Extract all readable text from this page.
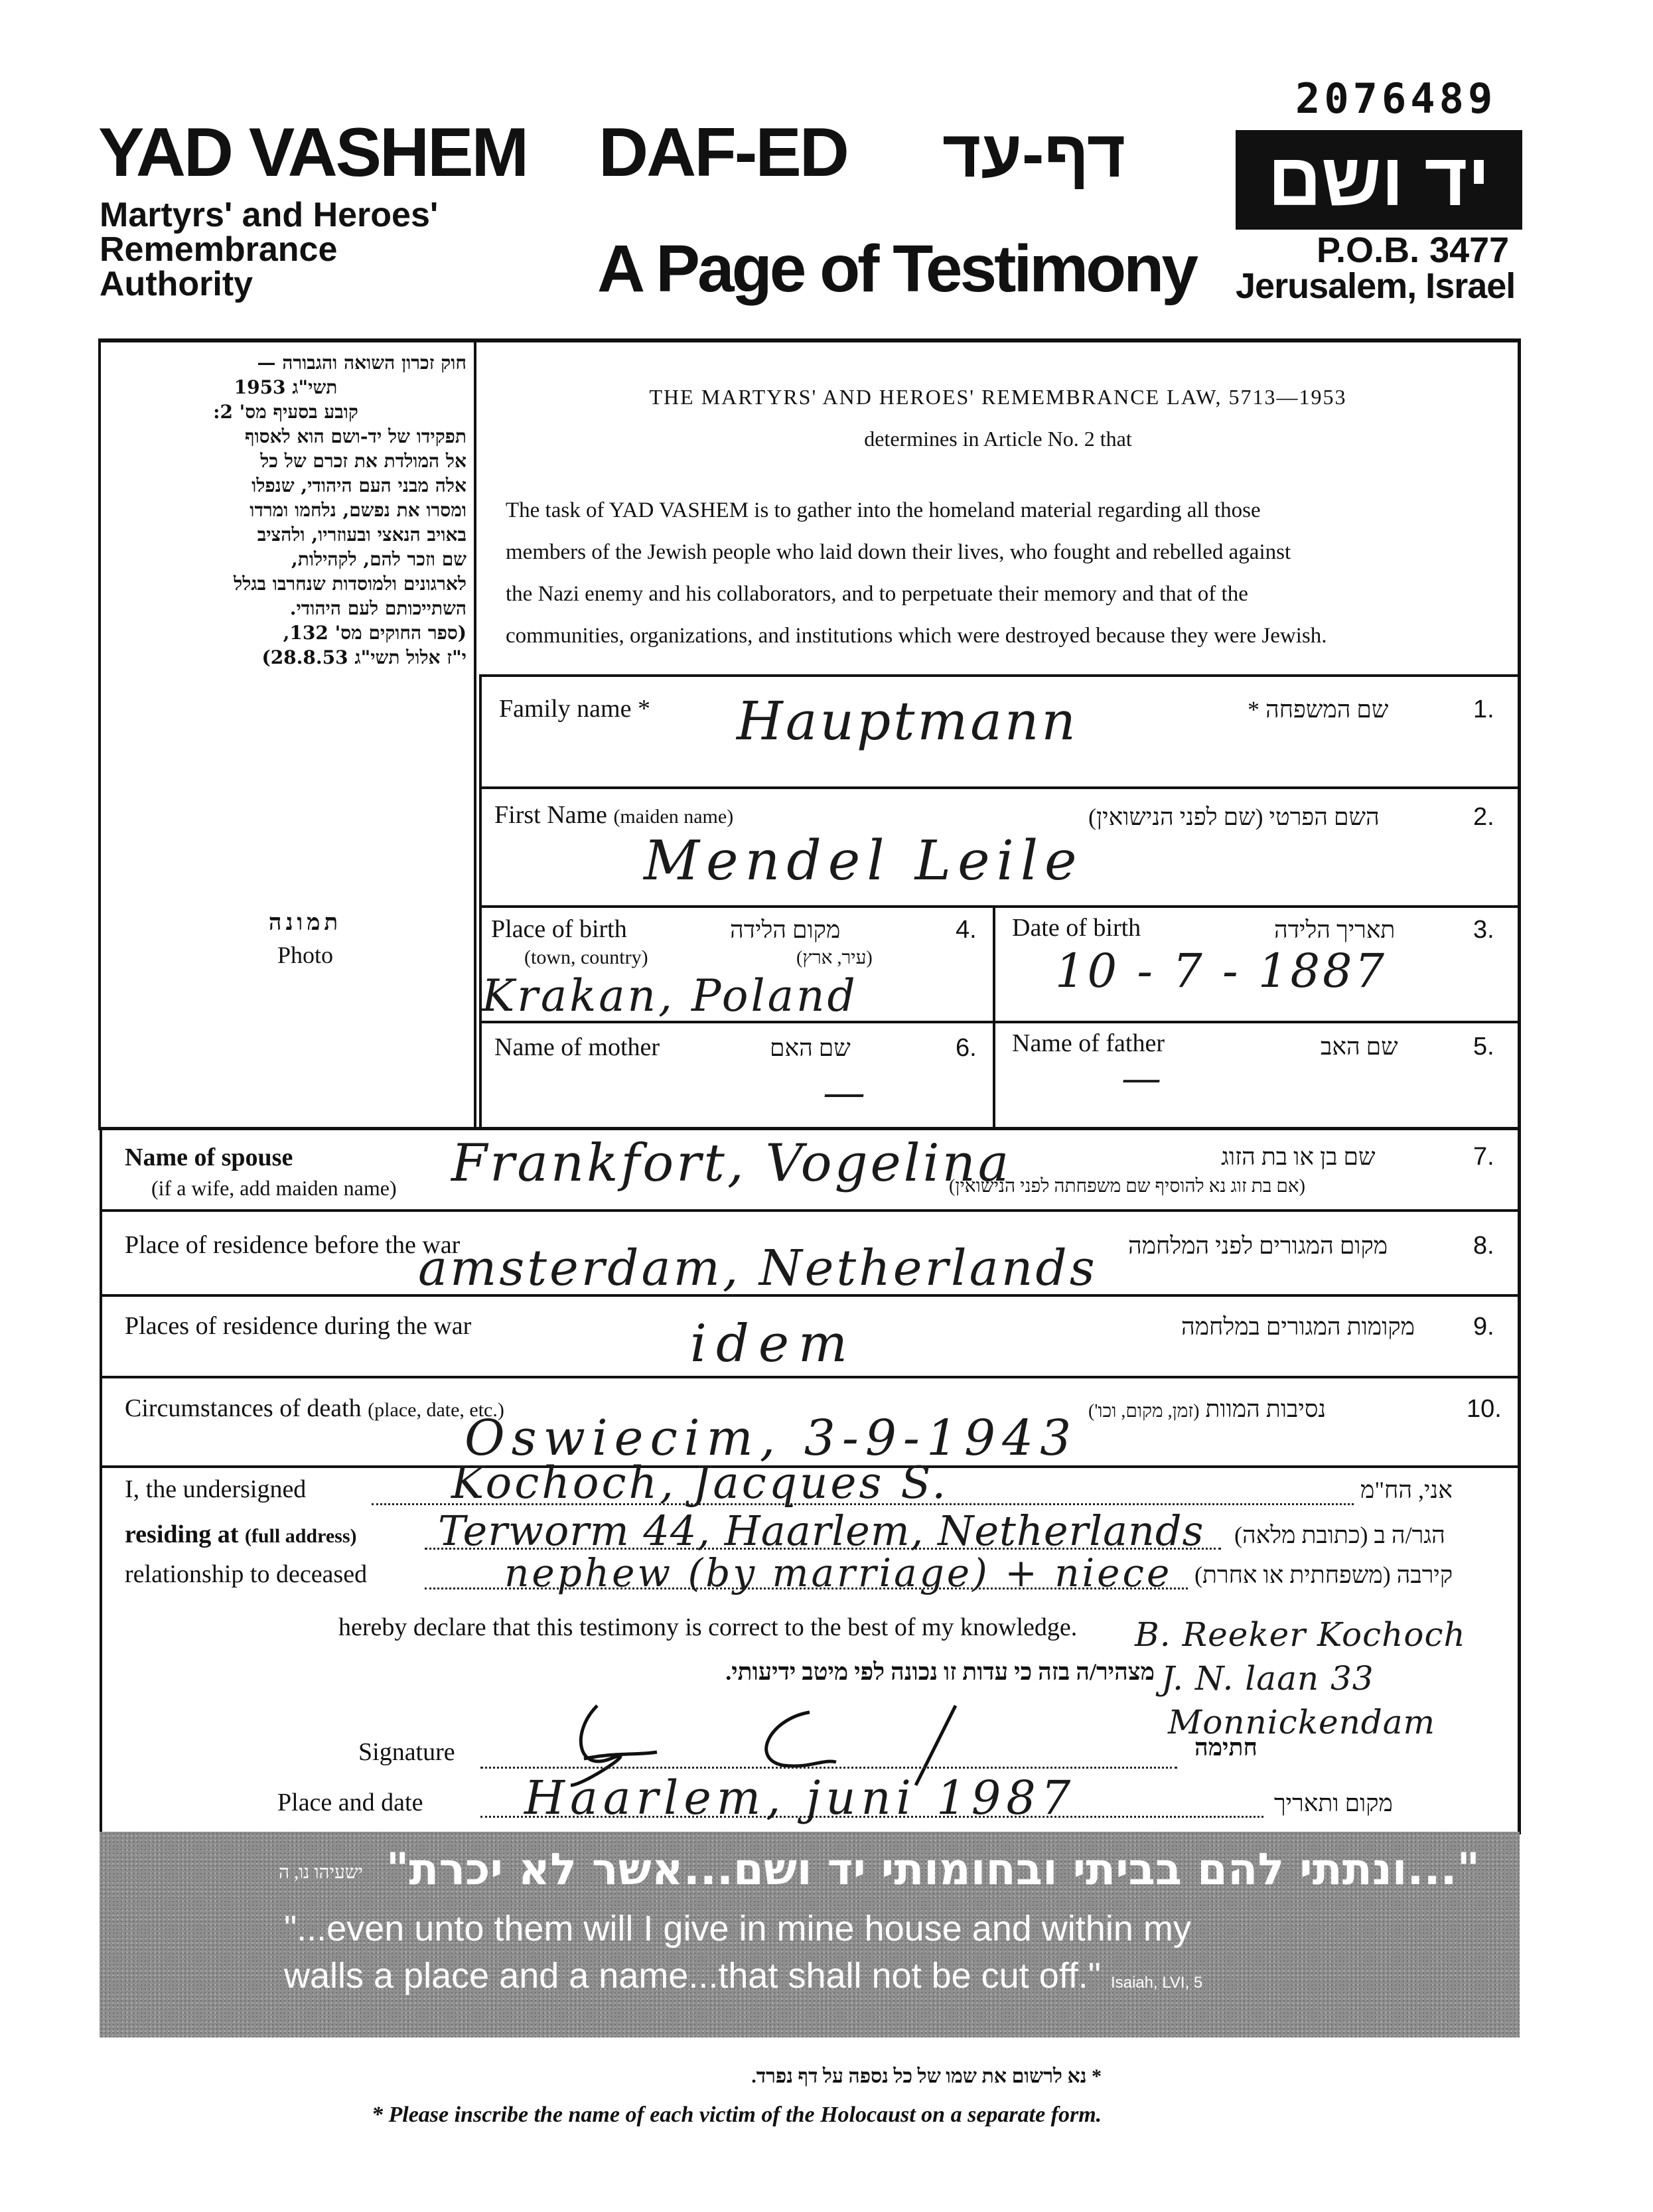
2076489
YAD VASHEM
Martyrs' and Heroes'
Remembrance
Authority
DAF-ED דף-עד
A Page of Testimony
יד ושם
P.O.B. 3477
Jerusalem, Israel
חוק זכרון השואה והגבורה —
תשי"ג 1953
קובע בסעיף מס' 2:
תפקידו של יד-ושם הוא לאסוף
אל המולדת את זכרם של כל
אלה מבני העם היהודי, שנפלו
ומסרו את נפשם, נלחמו ומרדו
באויב הנאצי ובעוזריו, ולהציב
שם וזכר להם, לקהילות,
לארגונים ולמוסדות שנחרבו בגלל
השתייכותם לעם היהודי.
(ספר החוקים מס' 132,
י"ז אלול תשי"ג 28.8.53)
תמונה
Photo
THE MARTYRS' AND HEROES' REMEMBRANCE LAW, 5713—1953
determines in Article No. 2 that
The task of YAD VASHEM is to gather into the homeland material regarding all those
members of the Jewish people who laid down their lives, who fought and rebelled against
the Nazi enemy and his collaborators, and to perpetuate their memory and that of the
communities, organizations, and institutions which were destroyed because they were Jewish.
Family name *	שם המשפחה *	1.
Hauptmann
First Name (maiden name)	השם הפרטי (שם לפני הנישואין)	2.
Mendel Leile
Place of birth
(town, country)
מקום הלידה
(עיר, ארץ)
4.
Krakan, Poland
Date of birth	תאריך הלידה	3.
10 - 7 - 1887
Name of mother	שם האם	6.
—
Name of father	שם האב	5.
—
Name of spouse
(if a wife, add maiden name)
שם בן או בת הזוג
(אם בת זוג נא להוסיף שם משפחתה לפני הנישואין)
7.
Frankfort, Vogelina
Place of residence before the war	מקום המגורים לפני המלחמה	8.
amsterdam, Netherlands
Places of residence during the war	מקומות המגורים במלחמה	9.
idem
Circumstances of death (place, date, etc.)	נסיבות המוות (זמן, מקום, וכו')	10.
Oswiecim, 3-9-1943
I, the undersigned	אני, הח"מ
Kochoch, Jacques S.
residing at (full address)	הגר/ה ב (כתובת מלאה)
Terworm 44, Haarlem, Netherlands
relationship to deceased	קירבה (משפחתית או אחרת)
nephew (by marriage) + niece
hereby declare that this testimony is correct to the best of my knowledge.
מצהיר/ה בזה כי עדות זו נכונה לפי מיטב ידיעותי.
B. Reeker Kochoch
J. N. laan 33
Monnickendam
Signature	חתימה
Place and date	מקום ותאריך
Haarlem, juni 1987
"...ונתתי להם בביתי ובחומותי יד ושם...אשר לא יכרת"
ישעיהו נו, ה
"...even unto them will I give in mine house and within my
walls a place and a name...that shall not be cut off." Isaiah, LVI, 5
* נא לרשום את שמו של כל נספה על דף נפרד.
* Please inscribe the name of each victim of the Holocaust on a separate form.
